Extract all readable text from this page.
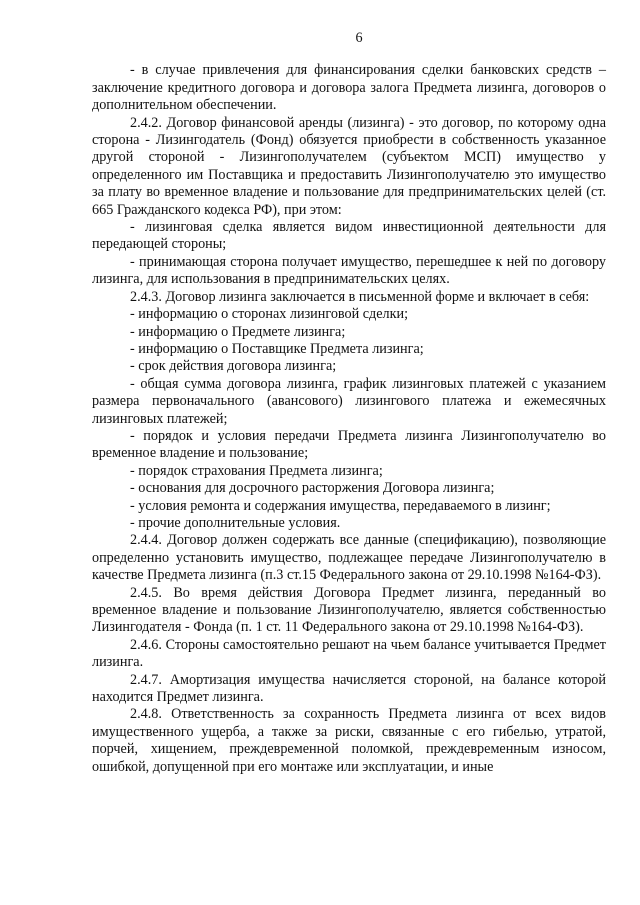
6

- в случае привлечения для финансирования сделки банковских средств – заключение кредитного договора и договора залога Предмета лизинга, договоров о дополнительном обеспечении.

2.4.2. Договор финансовой аренды (лизинга) - это договор, по которому одна сторона - Лизингодатель (Фонд) обязуется приобрести в собственность указанное другой стороной - Лизингополучателем (субъектом МСП) имущество у определенного им Поставщика и предоставить Лизингополучателю это имущество за плату во временное владение и пользование для предпринимательских целей (ст. 665 Гражданского кодекса РФ), при этом:

- лизинговая сделка является видом инвестиционной деятельности для передающей стороны;

- принимающая сторона получает имущество, перешедшее к ней по договору лизинга, для использования в предпринимательских целях.

2.4.3. Договор лизинга заключается в письменной форме и включает в себя:

- информацию о сторонах лизинговой сделки;

- информацию о Предмете лизинга;

- информацию о Поставщике Предмета лизинга;

- срок действия договора лизинга;

- общая сумма договора лизинга, график лизинговых платежей с указанием размера первоначального (авансового) лизингового платежа и ежемесячных лизинговых платежей;

- порядок и условия передачи Предмета лизинга Лизингополучателю во временное владение и пользование;

- порядок страхования Предмета лизинга;

- основания для досрочного расторжения Договора лизинга;

- условия ремонта и содержания имущества, передаваемого в лизинг;

- прочие дополнительные условия.

2.4.4. Договор должен содержать все данные (спецификацию), позволяющие определенно установить имущество, подлежащее передаче Лизингополучателю в качестве Предмета лизинга (п.3 ст.15 Федерального закона от 29.10.1998 №164-ФЗ).

2.4.5. Во время действия Договора Предмет лизинга, переданный во временное владение и пользование Лизингополучателю, является собственностью Лизингодателя - Фонда (п. 1 ст. 11 Федерального закона от 29.10.1998 №164-ФЗ).

2.4.6. Стороны самостоятельно решают на чьем балансе учитывается Предмет лизинга.

2.4.7. Амортизация имущества начисляется стороной, на балансе которой находится Предмет лизинга.

2.4.8. Ответственность за сохранность Предмета лизинга от всех видов имущественного ущерба, а также за риски, связанные с его гибелью, утратой, порчей, хищением, преждевременной поломкой, преждевременным износом, ошибкой, допущенной при его монтаже или эксплуатации, и иные
